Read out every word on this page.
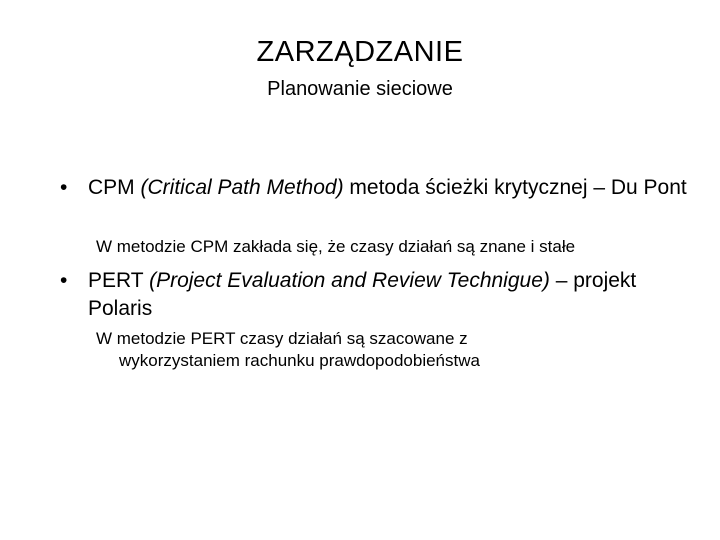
ZARZĄDZANIE
Planowanie sieciowe
• CPM (Critical Path Method) metoda ścieżki krytycznej – Du Pont
W metodzie CPM zakłada się, że czasy działań są znane i stałe
• PERT (Project Evaluation and Review Technigue) – projekt Polaris
W metodzie PERT czasy działań są szacowane z
wykorzystaniem rachunku prawdopodobieństwa
